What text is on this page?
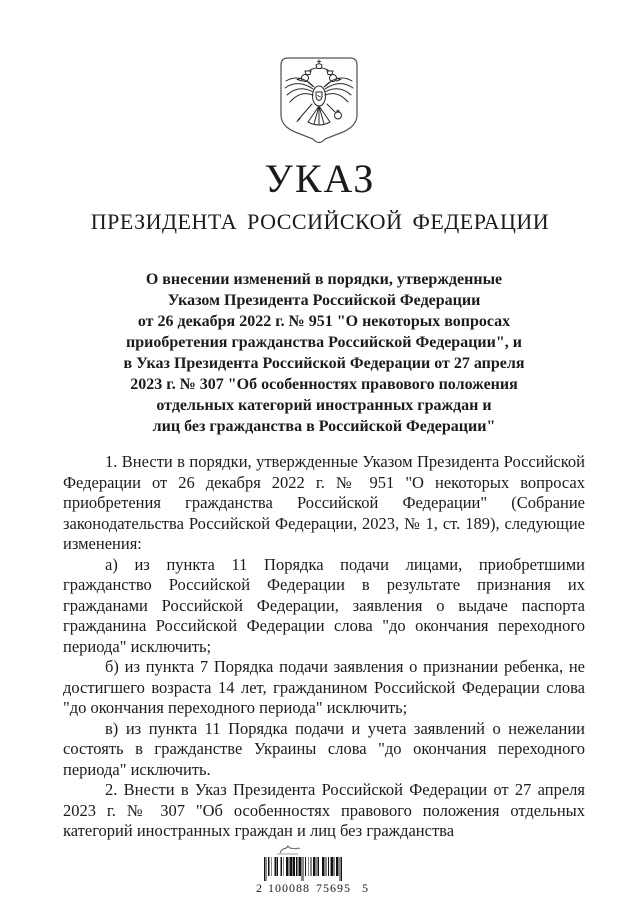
УКАЗ
ПРЕЗИДЕНТА РОССИЙСКОЙ ФЕДЕРАЦИИ
О внесении изменений в порядки, утвержденные
Указом Президента Российской Федерации
от 26 декабря 2022 г. № 951 "О некоторых вопросах
приобретения гражданства Российской Федерации", и
в Указ Президента Российской Федерации от 27 апреля
2023 г. № 307 "Об особенностях правового положения
отдельных категорий иностранных граждан и
лиц без гражданства в Российской Федерации"

1. Внести в порядки, утвержденные Указом Президента Российской Федерации от 26 декабря 2022 г. № 951 "О некоторых вопросах приобретения гражданства Российской Федерации" (Собрание законодательства Российской Федерации, 2023, № 1, ст. 189), следующие изменения:

а) из пункта 11 Порядка подачи лицами, приобретшими гражданство Российской Федерации в результате признания их гражданами Российской Федерации, заявления о выдаче паспорта гражданина Российской Федерации слова "до окончания переходного периода" исключить;

б) из пункта 7 Порядка подачи заявления о признании ребенка, не достигшего возраста 14 лет, гражданином Российской Федерации слова "до окончания переходного периода" исключить;

в) из пункта 11 Порядка подачи и учета заявлений о нежелании состоять в гражданстве Украины слова "до окончания переходного периода" исключить.

2. Внести в Указ Президента Российской Федерации от 27 апреля 2023 г. № 307 "Об особенностях правового положения отдельных категорий иностранных граждан и лиц без гражданства

2 100088 75695 5
